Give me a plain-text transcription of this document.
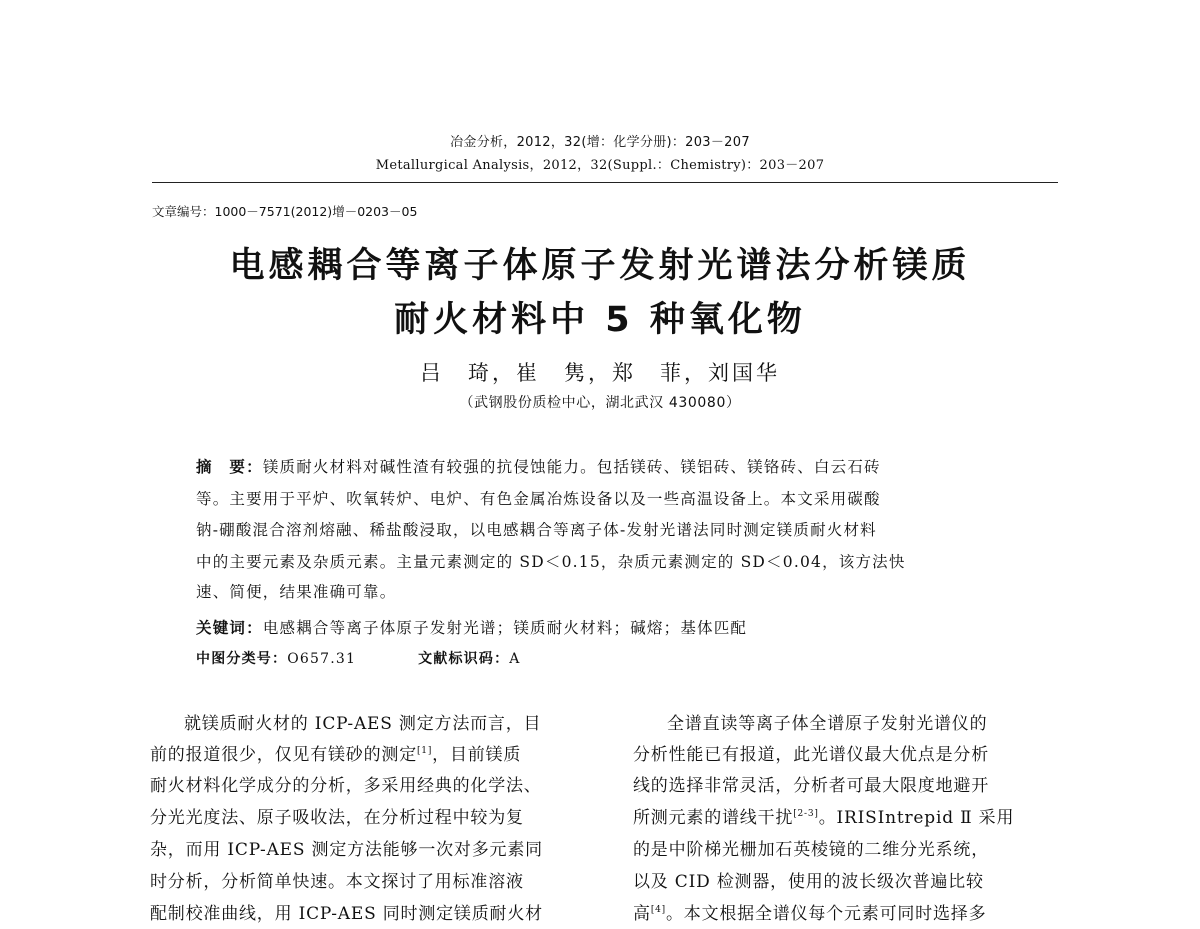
冶金分析，2012，32(增：化学分册)：203－207
Metallurgical Analysis，2012，32(Suppl.：Chemistry)：203－207
文章编号：1000－7571(2012)增－0203－05
电感耦合等离子体原子发射光谱法分析镁质
耐火材料中 5 种氧化物
吕　琦，崔　隽，郑　菲，刘国华
（武钢股份质检中心，湖北武汉 430080）
摘　要：镁质耐火材料对碱性渣有较强的抗侵蚀能力。包括镁砖、镁铝砖、镁铬砖、白云石砖
等。主要用于平炉、吹氧转炉、电炉、有色金属冶炼设备以及一些高温设备上。本文采用碳酸
钠-硼酸混合溶剂熔融、稀盐酸浸取，以电感耦合等离子体-发射光谱法同时测定镁质耐火材料
中的主要元素及杂质元素。主量元素测定的 SD＜0.15，杂质元素测定的 SD＜0.04，该方法快
速、简便，结果准确可靠。
关键词：电感耦合等离子体原子发射光谱；镁质耐火材料；碱熔；基体匹配
中图分类号：O657.31	文献标识码：A
就镁质耐火材的 ICP-AES 测定方法而言，目
前的报道很少，仅见有镁砂的测定[1]，目前镁质
耐火材料化学成分的分析，多采用经典的化学法、
分光光度法、原子吸收法，在分析过程中较为复
杂，而用 ICP-AES 测定方法能够一次对多元素同
时分析，分析简单快速。本文探讨了用标准溶液
配制校准曲线，用 ICP-AES 同时测定镁质耐火材
全谱直读等离子体全谱原子发射光谱仪的
分析性能已有报道，此光谱仪最大优点是分析
线的选择非常灵活，分析者可最大限度地避开
所测元素的谱线干扰[2-3]。IRISIntrepid Ⅱ 采用
的是中阶梯光栅加石英棱镜的二维分光系统，
以及 CID 检测器，使用的波长级次普遍比较
高[4]。本文根据全谱仪每个元素可同时选择多
